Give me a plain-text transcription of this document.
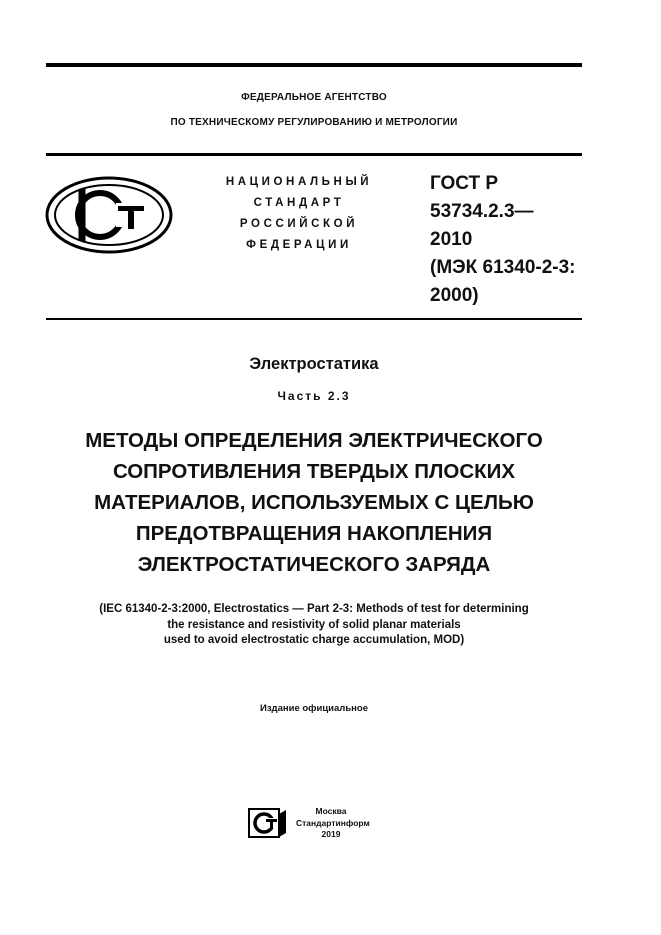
ФЕДЕРАЛЬНОЕ АГЕНТСТВО
ПО ТЕХНИЧЕСКОМУ РЕГУЛИРОВАНИЮ И МЕТРОЛОГИИ
НАЦИОНАЛЬНЫЙ
СТАНДАРТ
РОССИЙСКОЙ
ФЕДЕРАЦИИ
ГОСТ Р
53734.2.3—
2010
(МЭК 61340-2-3:
2000)
Электростатика
Часть 2.3
МЕТОДЫ ОПРЕДЕЛЕНИЯ ЭЛЕКТРИЧЕСКОГО
СОПРОТИВЛЕНИЯ ТВЕРДЫХ ПЛОСКИХ
МАТЕРИАЛОВ, ИСПОЛЬЗУЕМЫХ С ЦЕЛЬЮ
ПРЕДОТВРАЩЕНИЯ НАКОПЛЕНИЯ
ЭЛЕКТРОСТАТИЧЕСКОГО ЗАРЯДА
(IEC 61340-2-3:2000, Electrostatics — Part 2-3: Methods of test for determining
the resistance and resistivity of solid planar materials
used to avoid electrostatic charge accumulation, MOD)
Издание официальное
Москва
Стандартинформ
2019
